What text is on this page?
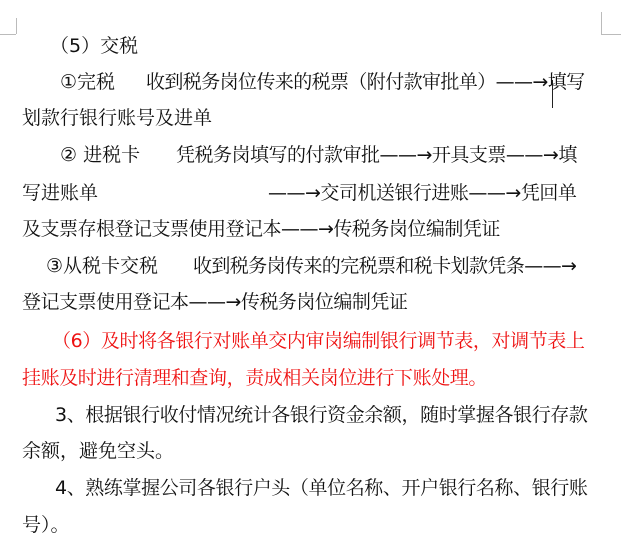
（5）交税
①完税 收到税务岗位传来的税票（附付款审批单）——→填写
划款行银行账号及进单
② 进税卡 凭税务岗填写的付款审批——→开具支票——→填
写进账单	——→交司机送银行进账——→凭回单
及支票存根登记支票使用登记本——→传税务岗位编制凭证
③从税卡交税 收到税务岗传来的完税票和税卡划款凭条——→
登记支票使用登记本——→传税务岗位编制凭证
（6）及时将各银行对账单交内审岗编制银行调节表，对调节表上
挂账及时进行清理和查询，责成相关岗位进行下账处理。
3、根据银行收付情况统计各银行资金余额，随时掌握各银行存款
余额，避免空头。
4、熟练掌握公司各银行户头（单位名称、开户银行名称、银行账
号）。
